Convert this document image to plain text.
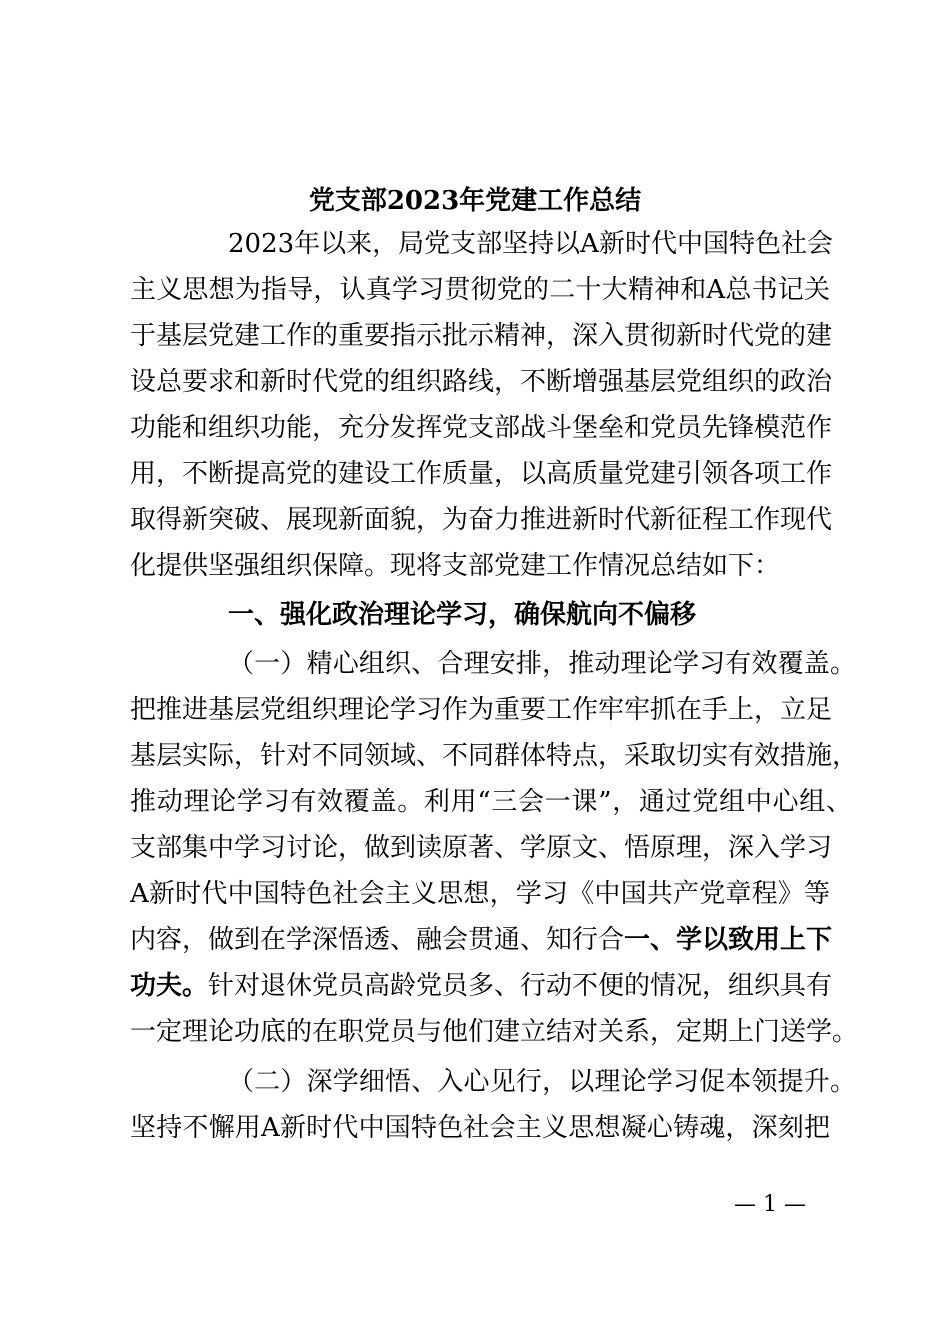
党支部2023年党建工作总结
2023年以来，局党支部坚持以A新时代中国特色社会
主义思想为指导，认真学习贯彻党的二十大精神和A总书记关
于基层党建工作的重要指示批示精神，深入贯彻新时代党的建
设总要求和新时代党的组织路线，不断增强基层党组织的政治
功能和组织功能，充分发挥党支部战斗堡垒和党员先锋模范作
用，不断提高党的建设工作质量，以高质量党建引领各项工作
取得新突破、展现新面貌，为奋力推进新时代新征程工作现代
化提供坚强组织保障。现将支部党建工作情况总结如下：
一、强化政治理论学习，确保航向不偏移
（一）精心组织、合理安排，推动理论学习有效覆盖。
把推进基层党组织理论学习作为重要工作牢牢抓在手上，立足
基层实际，针对不同领域、不同群体特点，采取切实有效措施，
推动理论学习有效覆盖。利用“三会一课”，通过党组中心组、
支部集中学习讨论，做到读原著、学原文、悟原理，深入学习
A新时代中国特色社会主义思想，学习《中国共产党章程》等
内容，做到在学深悟透、融会贯通、知行合一、学以致用上下
功夫。针对退休党员高龄党员多、行动不便的情况，组织具有
一定理论功底的在职党员与他们建立结对关系，定期上门送学。
（二）深学细悟、入心见行，以理论学习促本领提升。
坚持不懈用A新时代中国特色社会主义思想凝心铸魂，深刻把
— 1 —
